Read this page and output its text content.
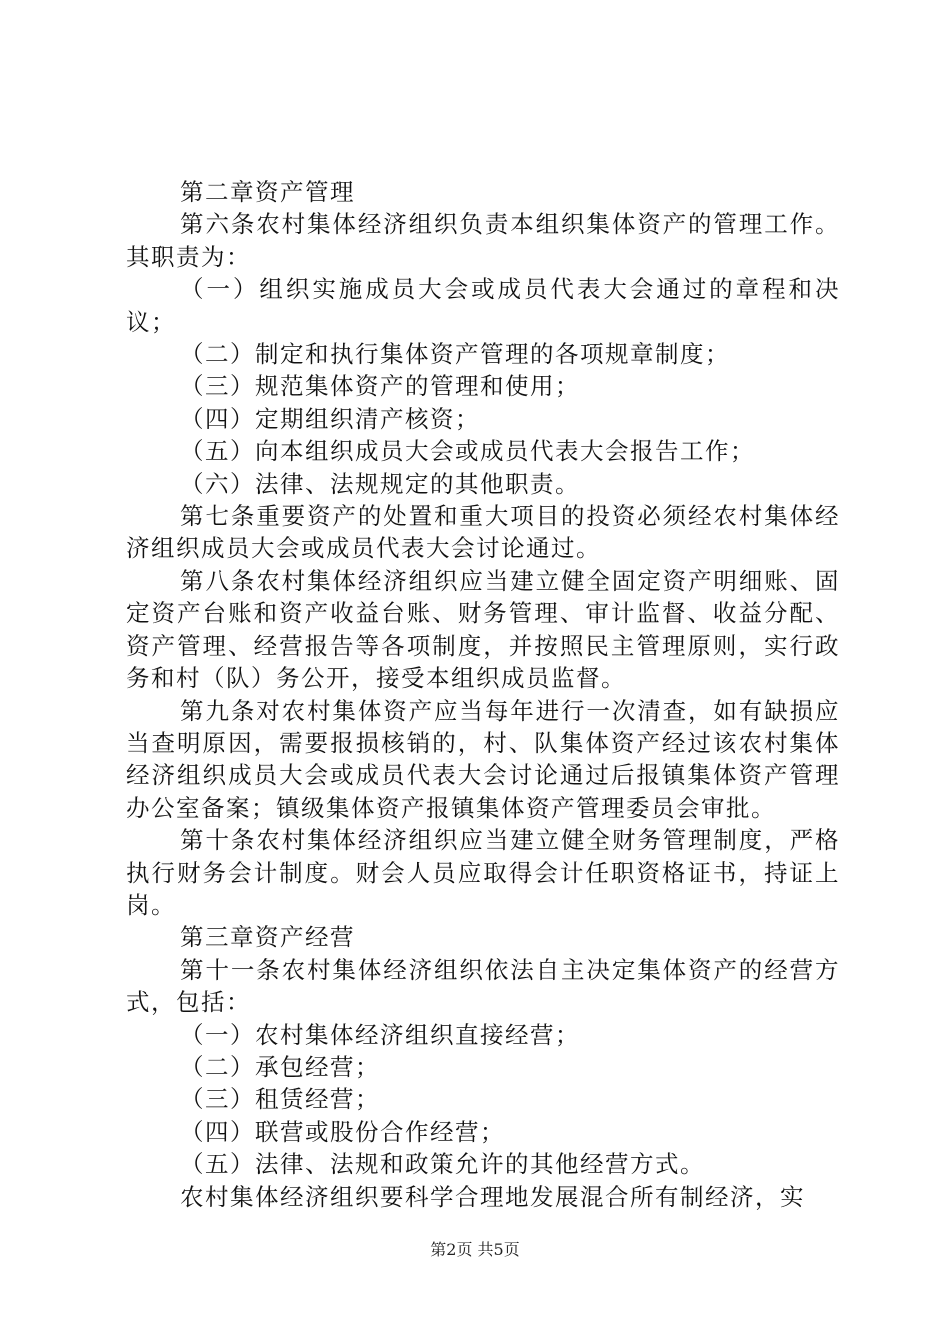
第二章资产管理

第六条农村集体经济组织负责本组织集体资产的管理工作。其职责为：

（一）组织实施成员大会或成员代表大会通过的章程和决议；

（二）制定和执行集体资产管理的各项规章制度；

（三）规范集体资产的管理和使用；

（四）定期组织清产核资；

（五）向本组织成员大会或成员代表大会报告工作；

（六）法律、法规规定的其他职责。

第七条重要资产的处置和重大项目的投资必须经农村集体经济组织成员大会或成员代表大会讨论通过。

第八条农村集体经济组织应当建立健全固定资产明细账、固定资产台账和资产收益台账、财务管理、审计监督、收益分配、资产管理、经营报告等各项制度，并按照民主管理原则，实行政务和村（队）务公开，接受本组织成员监督。

第九条对农村集体资产应当每年进行一次清查，如有缺损应当查明原因，需要报损核销的，村、队集体资产经过该农村集体经济组织成员大会或成员代表大会讨论通过后报镇集体资产管理办公室备案；镇级集体资产报镇集体资产管理委员会审批。

第十条农村集体经济组织应当建立健全财务管理制度，严格执行财务会计制度。财会人员应取得会计任职资格证书，持证上岗。

第三章资产经营

第十一条农村集体经济组织依法自主决定集体资产的经营方式，包括：

（一）农村集体经济组织直接经营；

（二）承包经营；

（三）租赁经营；

（四）联营或股份合作经营；

（五）法律、法规和政策允许的其他经营方式。

农村集体经济组织要科学合理地发展混合所有制经济，实

第2页 共5页
